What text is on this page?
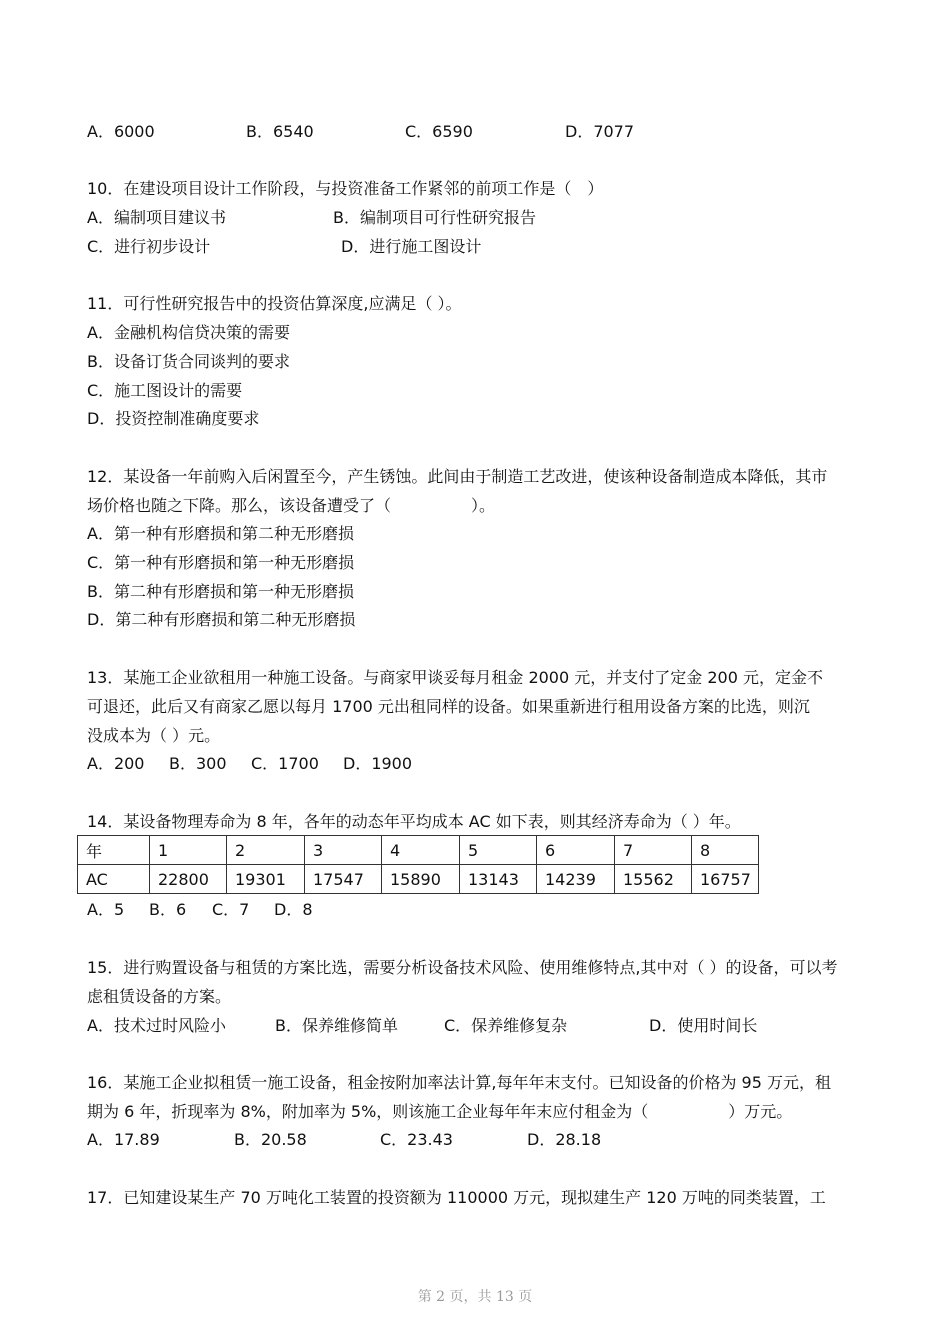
A．6000	B．6540	C．6590	D．7077
10．在建设项目设计工作阶段，与投资准备工作紧邻的前项工作是（　）
A．编制项目建议书	B．编制项目可行性研究报告
C．进行初步设计	D．进行施工图设计
11．可行性研究报告中的投资估算深度,应满足（ ）。
A．金融机构信贷决策的需要
B．设备订货合同谈判的要求
C．施工图设计的需要
D．投资控制准确度要求
12．某设备一年前购入后闲置至今，产生锈蚀。此间由于制造工艺改进，使该种设备制造成本降低，其市
场价格也随之下降。那么，该设备遭受了（　　　　　）。
A．第一种有形磨损和第二种无形磨损
C．第一种有形磨损和第一种无形磨损
B．第二种有形磨损和第一种无形磨损
D．第二种有形磨损和第二种无形磨损
13．某施工企业欲租用一种施工设备。与商家甲谈妥每月租金 2000 元，并支付了定金 200 元，定金不
可退还，此后又有商家乙愿以每月 1700 元出租同样的设备。如果重新进行租用设备方案的比选，则沉
没成本为（ ）元。
A．200 B．300 C．1700 D．1900
14．某设备物理寿命为 8 年，各年的动态年平均成本 AC 如下表，则其经济寿命为（ ）年。
年	1	2	3	4	5	6	7	8
AC	22800	19301	17547	15890	13143	14239	15562	16757
A．5 B．6 C．7 D．8
15．进行购置设备与租赁的方案比选，需要分析设备技术风险、使用维修特点,其中对（ ）的设备，可以考
虑租赁设备的方案。
A．技术过时风险小	B．保养维修简单	C．保养维修复杂	D．使用时间长
16．某施工企业拟租赁一施工设备，租金按附加率法计算,每年年末支付。已知设备的价格为 95 万元，租
期为 6 年，折现率为 8%，附加率为 5%，则该施工企业每年年末应付租金为（　　　　　）万元。
A．17.89	B．20.58	C．23.43	D．28.18
17．已知建设某生产 70 万吨化工装置的投资额为 110000 万元，现拟建生产 120 万吨的同类装置，工
第 2 页，共 13 页
